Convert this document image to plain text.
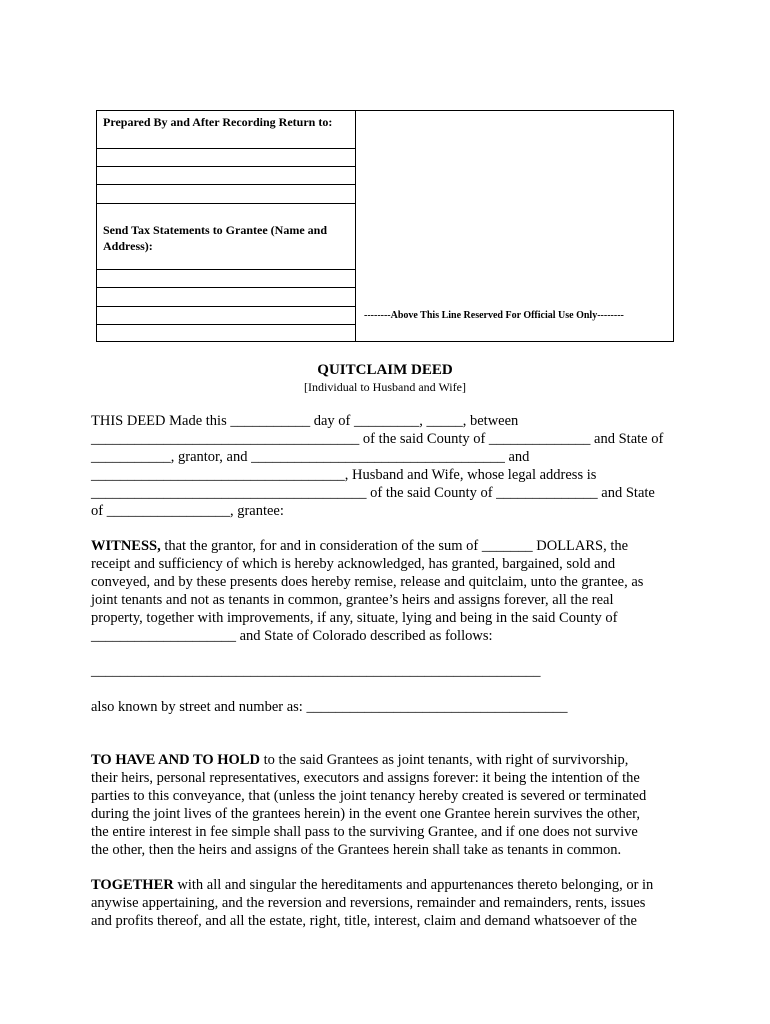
Prepared By and After Recording Return to:
Send Tax Statements to Grantee (Name and
Address):
--------Above This Line Reserved For Official Use Only--------
QUITCLAIM DEED
[Individual to Husband and Wife]
THIS DEED Made this ___________ day of _________, _____, between
_____________________________________ of the said County of ______________ and State of
___________, grantor, and ___________________________________ and
___________________________________, Husband and Wife, whose legal address is
______________________________________ of the said County of ______________ and State
of _________________, grantee:
WITNESS, that the grantor, for and in consideration of the sum of _______ DOLLARS, the
receipt and sufficiency of which is hereby acknowledged, has granted, bargained, sold and
conveyed, and by these presents does hereby remise, release and quitclaim, unto the grantee, as
joint tenants and not as tenants in common, grantee’s heirs and assigns forever, all the real
property, together with improvements, if any, situate, lying and being in the said County of
____________________ and State of Colorado described as follows:
______________________________________________________________
also known by street and number as: ____________________________________
TO HAVE AND TO HOLD to the said Grantees as joint tenants, with right of survivorship,
their heirs, personal representatives, executors and assigns forever: it being the intention of the
parties to this conveyance, that (unless the joint tenancy hereby created is severed or terminated
during the joint lives of the grantees herein) in the event one Grantee herein survives the other,
the entire interest in fee simple shall pass to the surviving Grantee, and if one does not survive
the other, then the heirs and assigns of the Grantees herein shall take as tenants in common.
TOGETHER with all and singular the hereditaments and appurtenances thereto belonging, or in
anywise appertaining, and the reversion and reversions, remainder and remainders, rents, issues
and profits thereof, and all the estate, right, title, interest, claim and demand whatsoever of the
